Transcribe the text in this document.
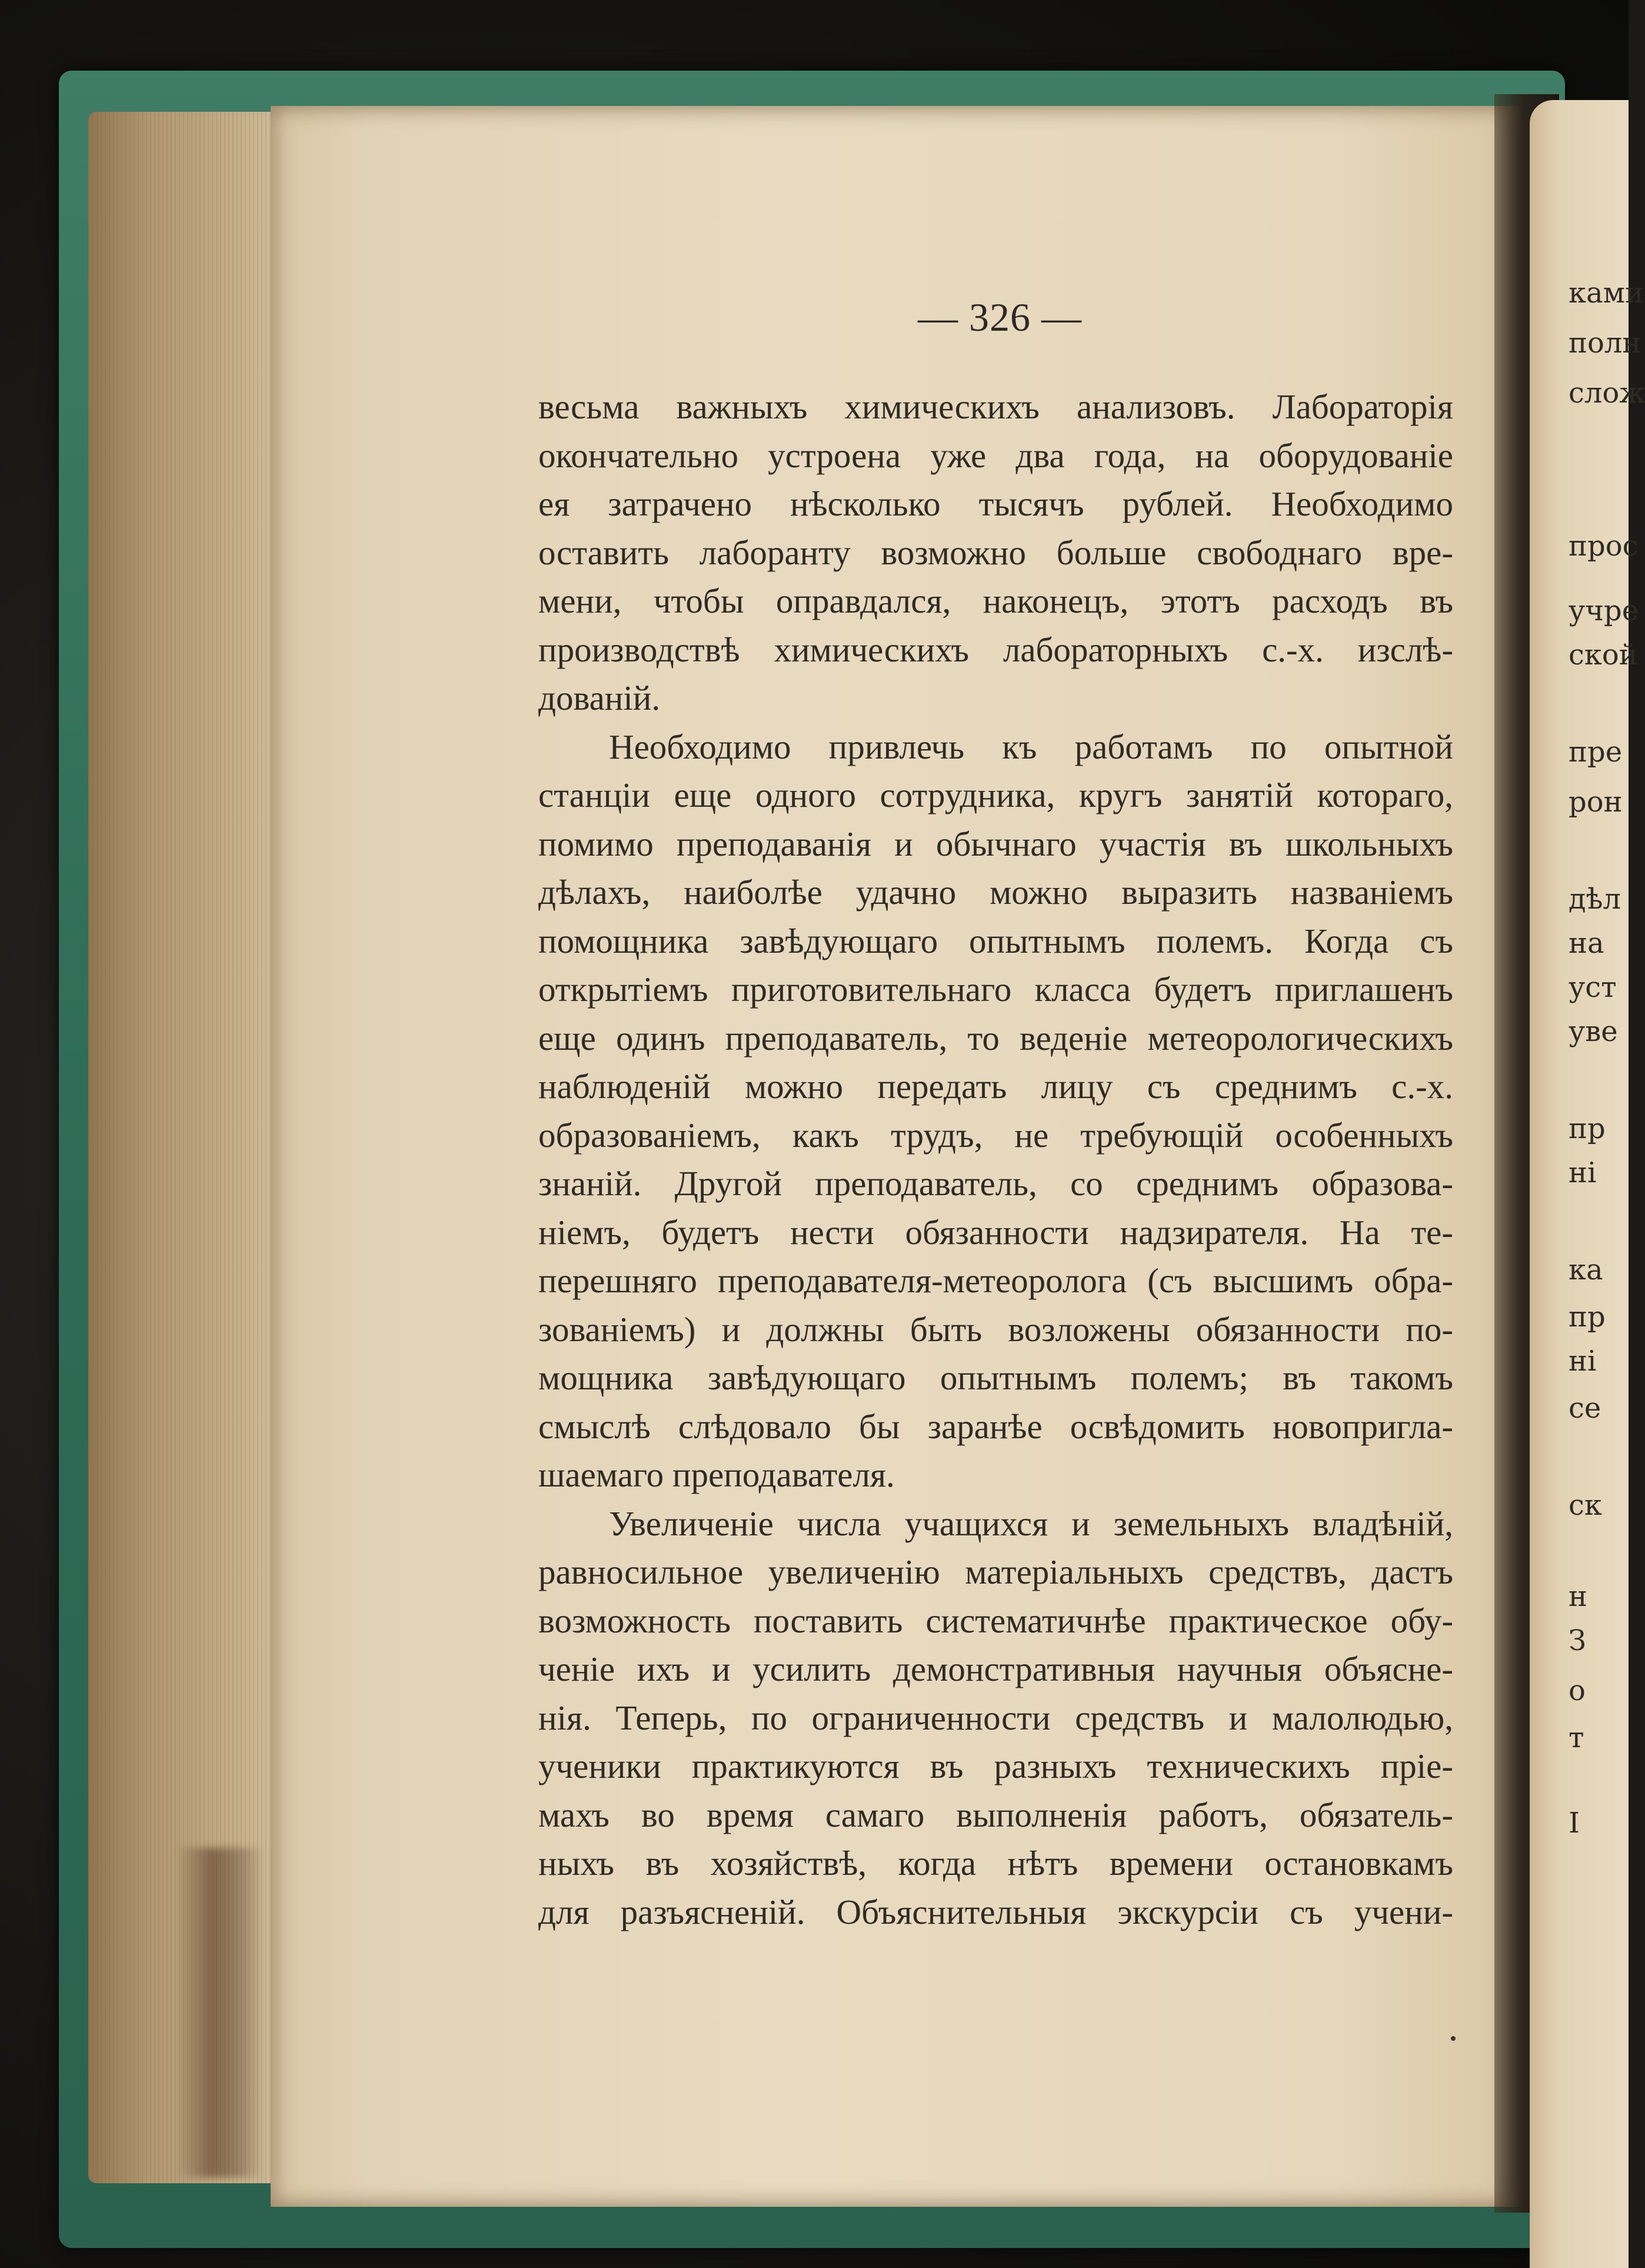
ками
полн
слож
прос
учре
ской
пре
рон
дѣл
на
уст
уве
пр
ні
ка
пр
ні
се
ск
н
З
о
т
І
— 326 —
весьма важныхъ химическихъ анализовъ. Лабораторія
окончательно устроена уже два года, на оборудованіе
ея затрачено нѣсколько тысячъ рублей. Необходимо
оставить лаборанту возможно больше свободнаго вре-
мени, чтобы оправдался, наконецъ, этотъ расходъ въ
производствѣ химическихъ лабораторныхъ с.-х. изслѣ-
дованій.
Необходимо привлечь къ работамъ по опытной
станціи еще одного сотрудника, кругъ занятій котораго,
помимо преподаванія и обычнаго участія въ школьныхъ
дѣлахъ, наиболѣе удачно можно выразить названіемъ
помощника завѣдующаго опытнымъ полемъ. Когда съ
открытіемъ приготовительнаго класса будетъ приглашенъ
еще одинъ преподаватель, то веденіе метеорологическихъ
наблюденій можно передать лицу съ среднимъ с.-х.
образованіемъ, какъ трудъ, не требующій особенныхъ
знаній. Другой преподаватель, со среднимъ образова-
ніемъ, будетъ нести обязанности надзирателя. На те-
перешняго преподавателя-метеоролога (съ высшимъ обра-
зованіемъ) и должны быть возложены обязанности по-
мощника завѣдующаго опытнымъ полемъ; въ такомъ
смыслѣ слѣдовало бы заранѣе освѣдомить новопригла-
шаемаго преподавателя.
Увеличеніе числа учащихся и земельныхъ владѣній,
равносильное увеличенію матеріальныхъ средствъ, дастъ
возможность поставить систематичнѣе практическое обу-
ченіе ихъ и усилить демонстративныя научныя объясне-
нія. Теперь, по ограниченности средствъ и малолюдью,
ученики практикуются въ разныхъ техническихъ пріе-
махъ во время самаго выполненія работъ, обязатель-
ныхъ въ хозяйствѣ, когда нѣтъ времени остановкамъ
для разъясненій. Объяснительныя экскурсіи съ учени-
